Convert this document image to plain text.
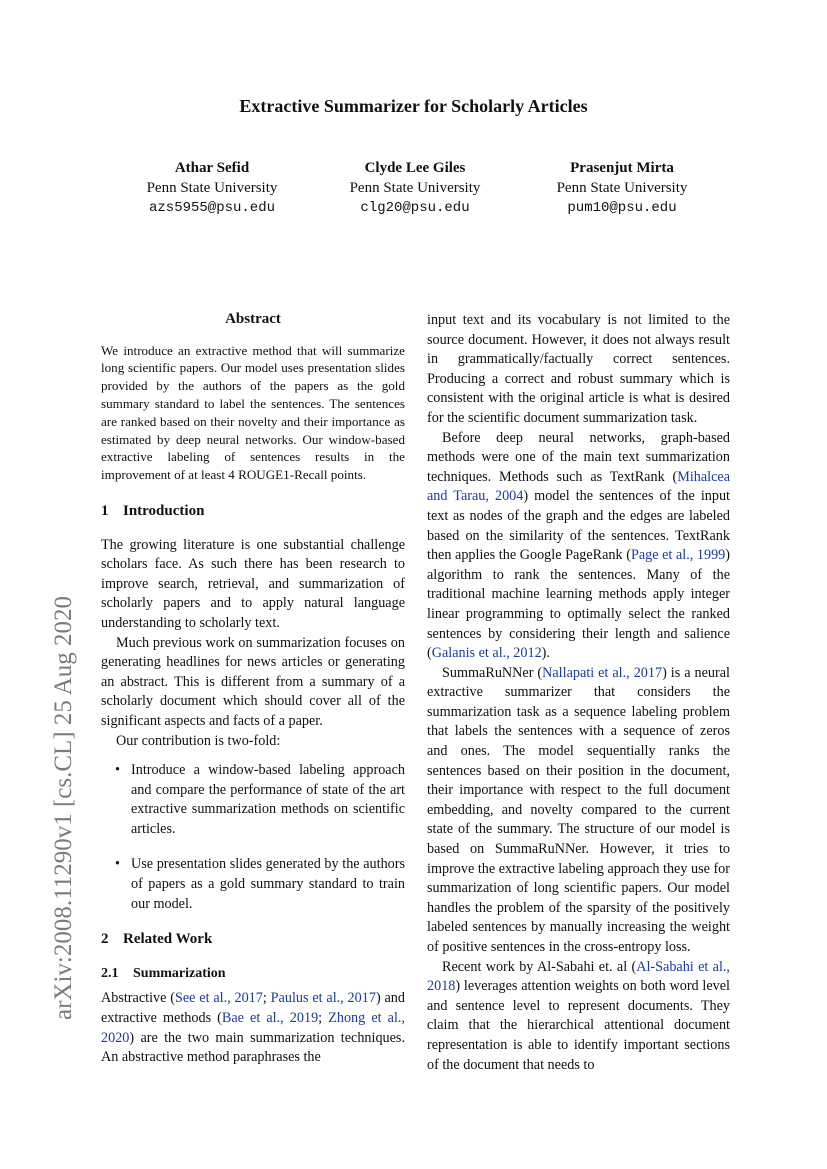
Extractive Summarizer for Scholarly Articles
Athar Sefid
Penn State University
azs5955@psu.edu
Clyde Lee Giles
Penn State University
clg20@psu.edu
Prasenjut Mirta
Penn State University
pum10@psu.edu
arXiv:2008.11290v1 [cs.CL] 25 Aug 2020
Abstract

We introduce an extractive method that will summarize long scientific papers. Our model uses presentation slides provided by the authors of the papers as the gold summary standard to label the sentences. The sentences are ranked based on their novelty and their importance as estimated by deep neural networks. Our window-based extractive labeling of sentences results in the improvement of at least 4 ROUGE1-Recall points.

1 Introduction

The growing literature is one substantial challenge scholars face. As such there has been research to improve search, retrieval, and summarization of scholarly papers and to apply natural language understanding to scholarly text.

Much previous work on summarization focuses on generating headlines for news articles or generating an abstract. This is different from a summary of a scholarly document which should cover all of the significant aspects and facts of a paper.

Our contribution is two-fold:

• Introduce a window-based labeling approach and compare the performance of state of the art extractive summarization methods on scientific articles.
• Use presentation slides generated by the authors of papers as a gold summary standard to train our model.
2 Related Work
2.1 Summarization

Abstractive (See et al., 2017; Paulus et al., 2017) and extractive methods (Bae et al., 2019; Zhong et al., 2020) are the two main summarization techniques. An abstractive method paraphrases the

input text and its vocabulary is not limited to the source document. However, it does not always result in grammatically/factually correct sentences. Producing a correct and robust summary which is consistent with the original article is what is desired for the scientific document summarization task.

Before deep neural networks, graph-based methods were one of the main text summarization techniques. Methods such as TextRank (Mihalcea and Tarau, 2004) model the sentences of the input text as nodes of the graph and the edges are labeled based on the similarity of the sentences. TextRank then applies the Google PageRank (Page et al., 1999) algorithm to rank the sentences. Many of the traditional machine learning methods apply integer linear programming to optimally select the ranked sentences by considering their length and salience (Galanis et al., 2012).

SummaRuNNer (Nallapati et al., 2017) is a neural extractive summarizer that considers the summarization task as a sequence labeling problem that labels the sentences with a sequence of zeros and ones. The model sequentially ranks the sentences based on their position in the document, their importance with respect to the full document embedding, and novelty compared to the current state of the summary. The structure of our model is based on SummaRuNNer. However, it tries to improve the extractive labeling approach they use for summarization of long scientific papers. Our model handles the problem of the sparsity of the positively labeled sentences by manually increasing the weight of positive sentences in the cross-entropy loss.

Recent work by Al-Sabahi et. al (Al-Sabahi et al., 2018) leverages attention weights on both word level and sentence level to represent documents. They claim that the hierarchical attentional document representation is able to identify important sections of the document that needs to
